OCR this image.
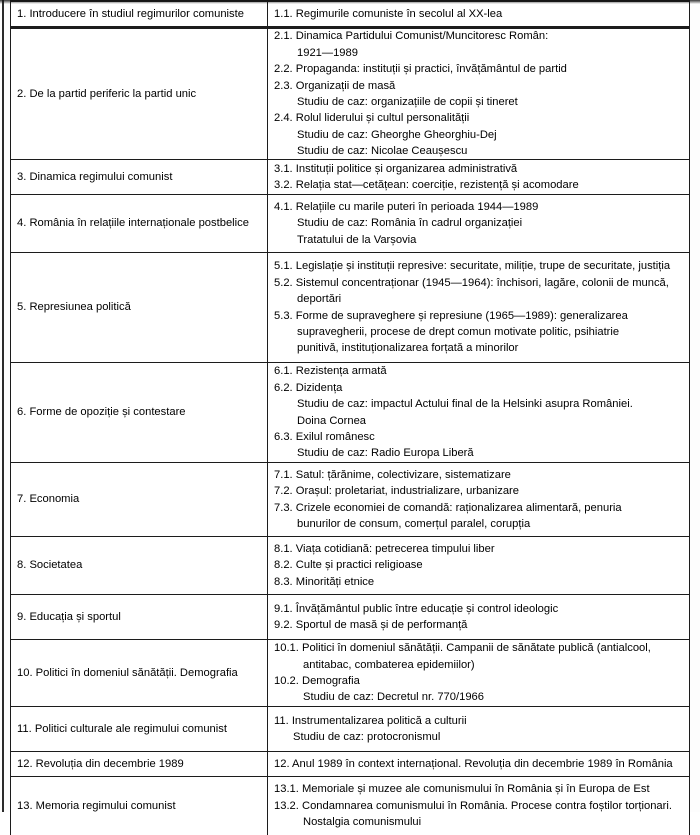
1. Introducere în studiul regimurilor comuniste	1.1. Regimurile comuniste în secolul al XX-lea
2. De la partid periferic la partid unic
2.1. Dinamica Partidului Comunist/Muncitoresc Român:
1921—1989
2.2. Propaganda: instituții și practici, învățământul de partid
2.3. Organizații de masă
Studiu de caz: organizațiile de copii și tineret
2.4. Rolul liderului și cultul personalității
Studiu de caz: Gheorghe Gheorghiu-Dej
Studiu de caz: Nicolae Ceaușescu
3. Dinamica regimului comunist
3.1. Instituții politice și organizarea administrativă
3.2. Relația stat—cetățean: coerciție, rezistență și acomodare
4. România în relațiile internaționale postbelice
4.1. Relațiile cu marile puteri în perioada 1944—1989
Studiu de caz: România în cadrul organizației
Tratatului de la Varșovia
5. Represiunea politică
5.1. Legislație și instituții represive: securitate, miliție, trupe de securitate, justiția
5.2. Sistemul concentraționar (1945—1964): închisori, lagăre, colonii de muncă,
deportări
5.3. Forme de supraveghere și represiune (1965—1989): generalizarea
supravegherii, procese de drept comun motivate politic, psihiatrie
punitivă, instituționalizarea forțată a minorilor
6. Forme de opoziție și contestare
6.1. Rezistența armată
6.2. Dizidența
Studiu de caz: impactul Actului final de la Helsinki asupra României.
Doina Cornea
6.3. Exilul românesc
Studiu de caz: Radio Europa Liberă
7. Economia
7.1. Satul: țărănime, colectivizare, sistematizare
7.2. Orașul: proletariat, industrializare, urbanizare
7.3. Crizele economiei de comandă: raționalizarea alimentară, penuria
bunurilor de consum, comerțul paralel, corupția
8. Societatea
8.1. Viața cotidiană: petrecerea timpului liber
8.2. Culte și practici religioase
8.3. Minorități etnice
9. Educația și sportul
9.1. Învățământul public între educație și control ideologic
9.2. Sportul de masă și de performanță
10. Politici în domeniul sănătății. Demografia
10.1. Politici în domeniul sănătății. Campanii de sănătate publică (antialcool,
antitabac, combaterea epidemiilor)
10.2. Demografia
Studiu de caz: Decretul nr. 770/1966
11. Politici culturale ale regimului comunist
11. Instrumentalizarea politică a culturii
Studiu de caz: protocronismul
12. Revoluția din decembrie 1989	12. Anul 1989 în context internațional. Revoluția din decembrie 1989 în România
13. Memoria regimului comunist
13.1. Memoriale și muzee ale comunismului în România și în Europa de Est
13.2. Condamnarea comunismului în România. Procese contra foștilor torționari.
Nostalgia comunismului
